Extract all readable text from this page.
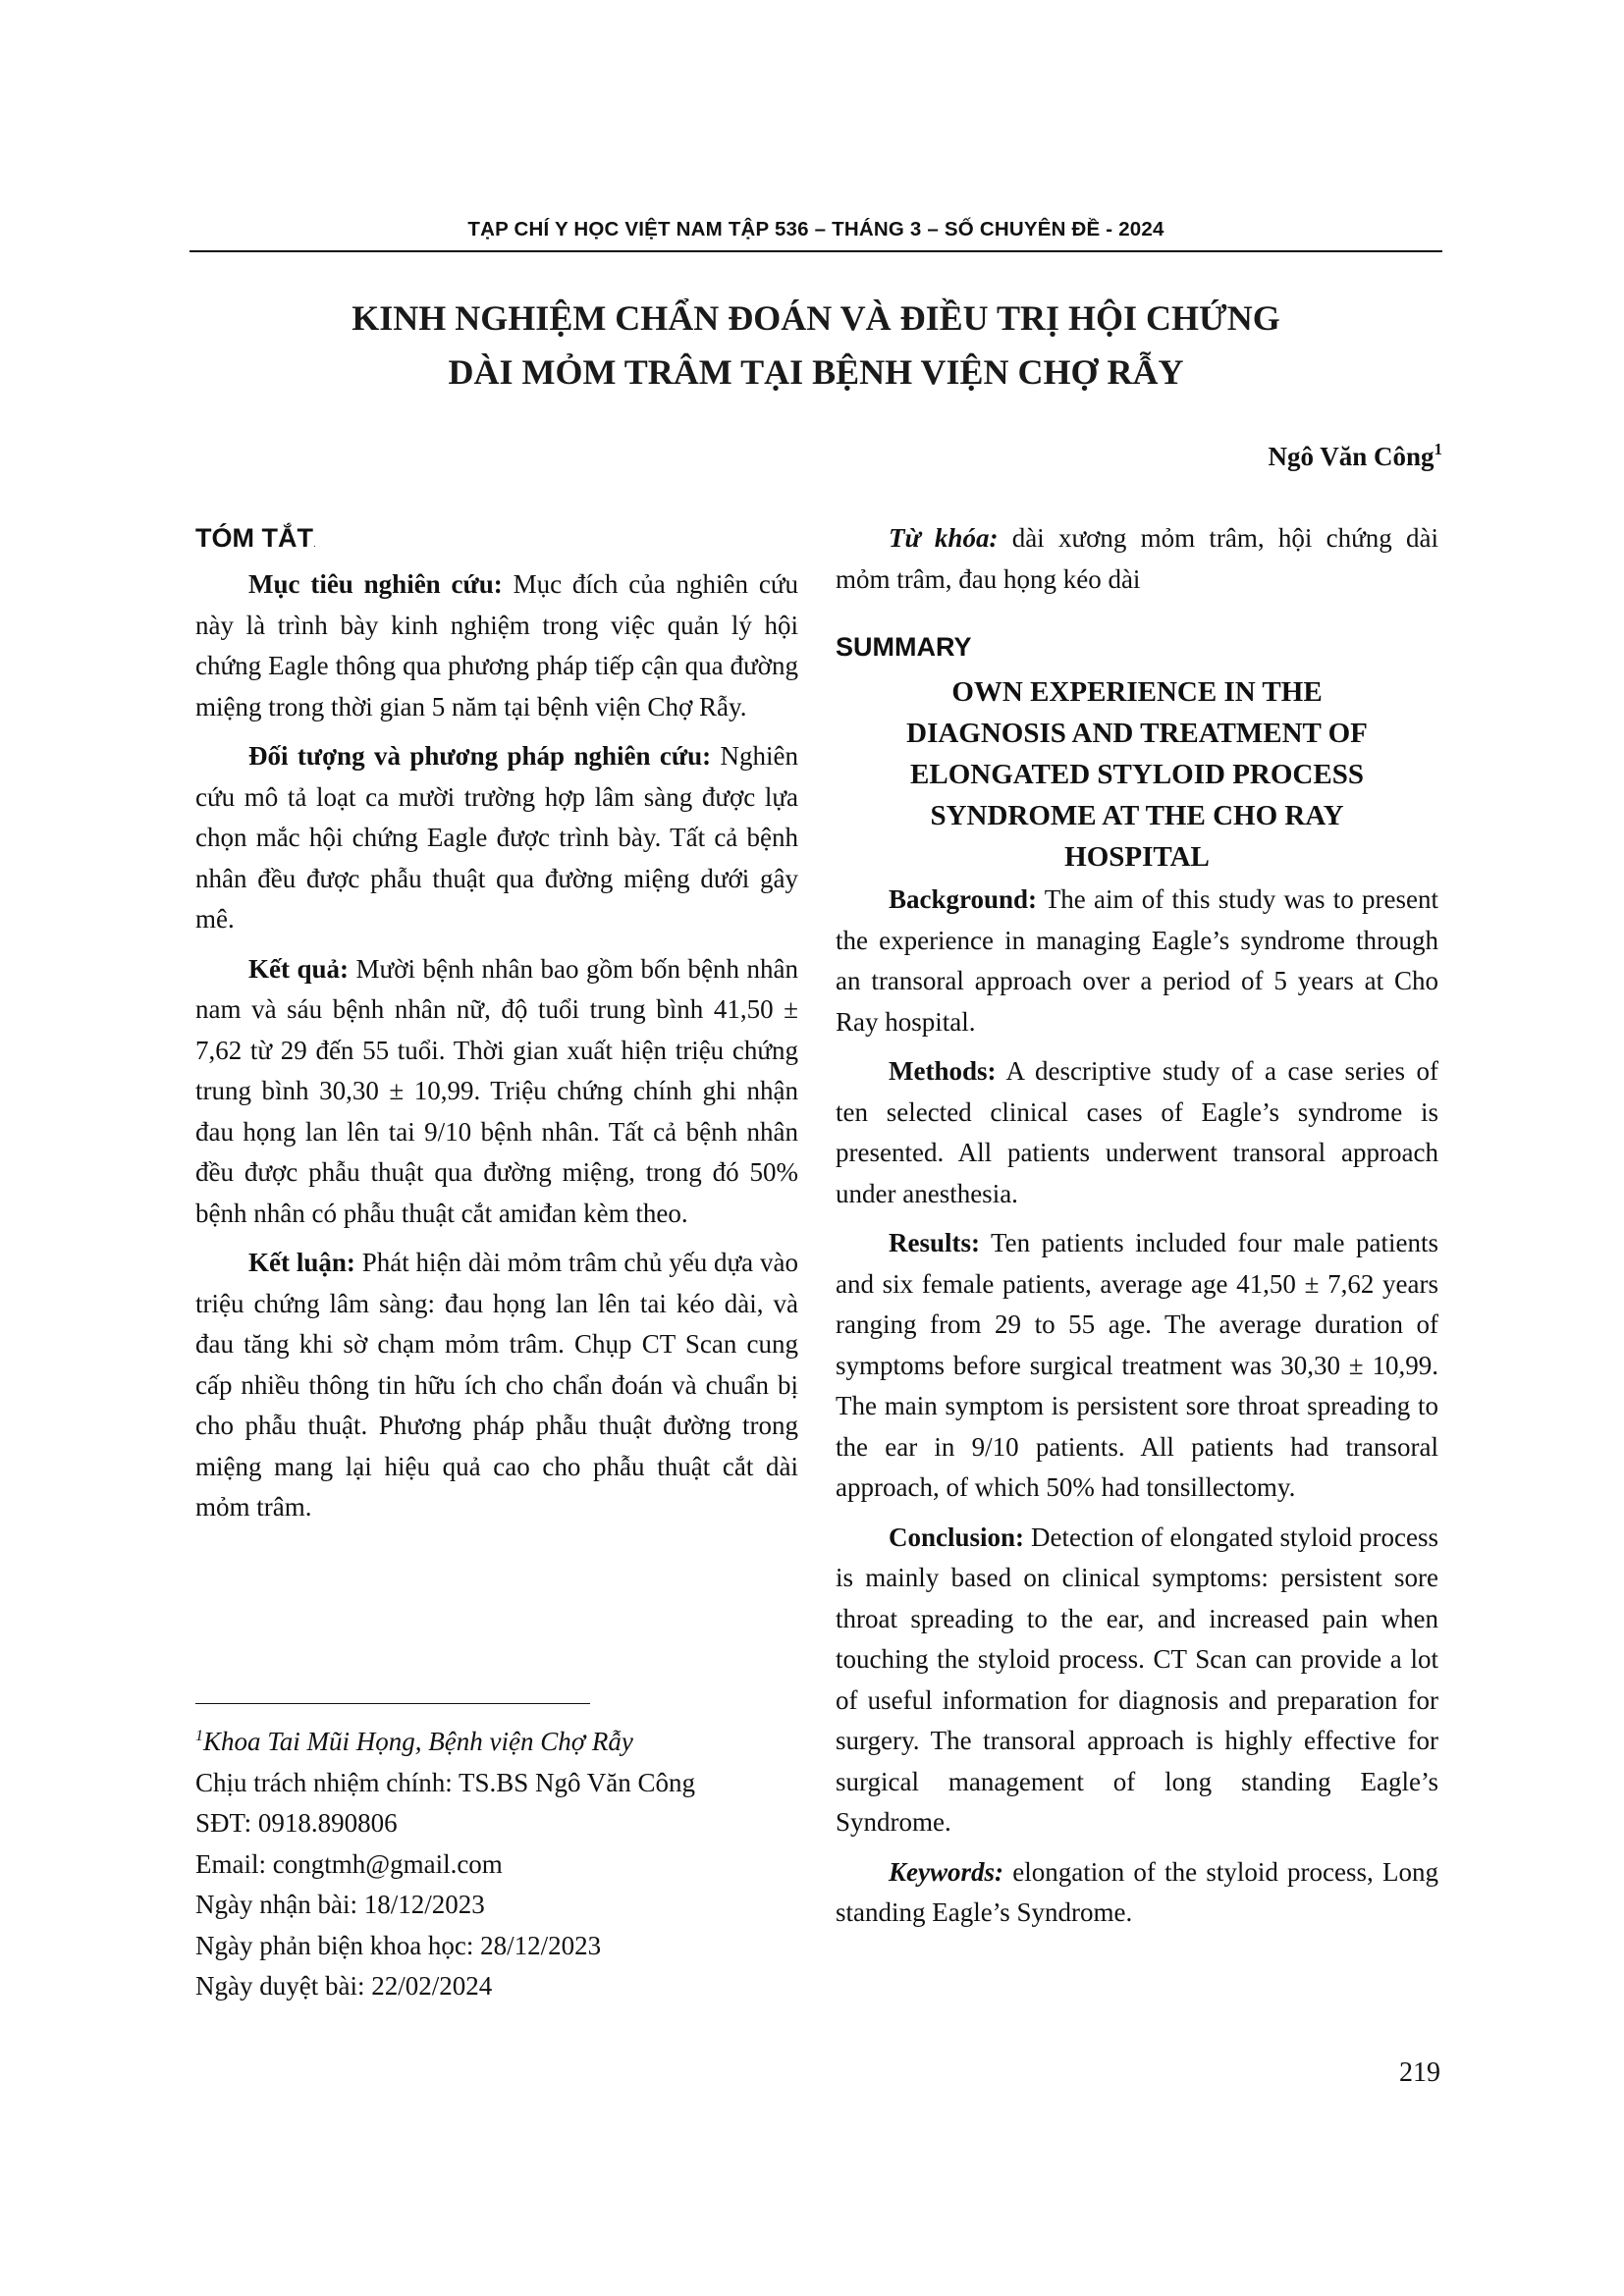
TẠP CHÍ Y HỌC VIỆT NAM TẬP 536 – THÁNG 3 – SỐ CHUYÊN ĐỀ - 2024
KINH NGHIỆM CHẨN ĐOÁN VÀ ĐIỀU TRỊ HỘI CHỨNG
DÀI MỎM TRÂM TẠI BỆNH VIỆN CHỢ RẪY
Ngô Văn Công$^1$
TÓM TẮT.

Mục tiêu nghiên cứu: Mục đích của nghiên cứu này là trình bày kinh nghiệm trong việc quản lý hội chứng Eagle thông qua phương pháp tiếp cận qua đường miệng trong thời gian 5 năm tại bệnh viện Chợ Rẫy.

Đối tượng và phương pháp nghiên cứu: Nghiên cứu mô tả loạt ca mười trường hợp lâm sàng được lựa chọn mắc hội chứng Eagle được trình bày. Tất cả bệnh nhân đều được phẫu thuật qua đường miệng dưới gây mê.

Kết quả: Mười bệnh nhân bao gồm bốn bệnh nhân nam và sáu bệnh nhân nữ, độ tuổi trung bình 41,50 ± 7,62 từ 29 đến 55 tuổi. Thời gian xuất hiện triệu chứng trung bình 30,30 ± 10,99. Triệu chứng chính ghi nhận đau họng lan lên tai 9/10 bệnh nhân. Tất cả bệnh nhân đều được phẫu thuật qua đường miệng, trong đó 50% bệnh nhân có phẫu thuật cắt amiđan kèm theo.

Kết luận: Phát hiện dài mỏm trâm chủ yếu dựa vào triệu chứng lâm sàng: đau họng lan lên tai kéo dài, và đau tăng khi sờ chạm mỏm trâm. Chụp CT Scan cung cấp nhiều thông tin hữu ích cho chẩn đoán và chuẩn bị cho phẫu thuật. Phương pháp phẫu thuật đường trong miệng mang lại hiệu quả cao cho phẫu thuật cắt dài mỏm trâm.

$^1$Khoa Tai Mũi Họng, Bệnh viện Chợ Rẫy
Chịu trách nhiệm chính: TS.BS Ngô Văn Công
SĐT: 0918.890806
Email: congtmh@gmail.com
Ngày nhận bài: 18/12/2023
Ngày phản biện khoa học: 28/12/2023
Ngày duyệt bài: 22/02/2024

Từ khóa: dài xương mỏm trâm, hội chứng dài mỏm trâm, đau họng kéo dài

SUMMARY
OWN EXPERIENCE IN THE
DIAGNOSIS AND TREATMENT OF
ELONGATED STYLOID PROCESS
SYNDROME AT THE CHO RAY
HOSPITAL

Background: The aim of this study was to present the experience in managing Eagle’s syndrome through an transoral approach over a period of 5 years at Cho Ray hospital.

Methods: A descriptive study of a case series of ten selected clinical cases of Eagle’s syndrome is presented. All patients underwent transoral approach under anesthesia.

Results: Ten patients included four male patients and six female patients, average age 41,50 ± 7,62 years ranging from 29 to 55 age. The average duration of symptoms before surgical treatment was 30,30 ± 10,99. The main symptom is persistent sore throat spreading to the ear in 9/10 patients. All patients had transoral approach, of which 50% had tonsillectomy.

Conclusion: Detection of elongated styloid process is mainly based on clinical symptoms: persistent sore throat spreading to the ear, and increased pain when touching the styloid process. CT Scan can provide a lot of useful information for diagnosis and preparation for surgery. The transoral approach is highly effective for surgical management of long standing Eagle’s Syndrome.

Keywords: elongation of the styloid process, Long standing Eagle’s Syndrome.

219
